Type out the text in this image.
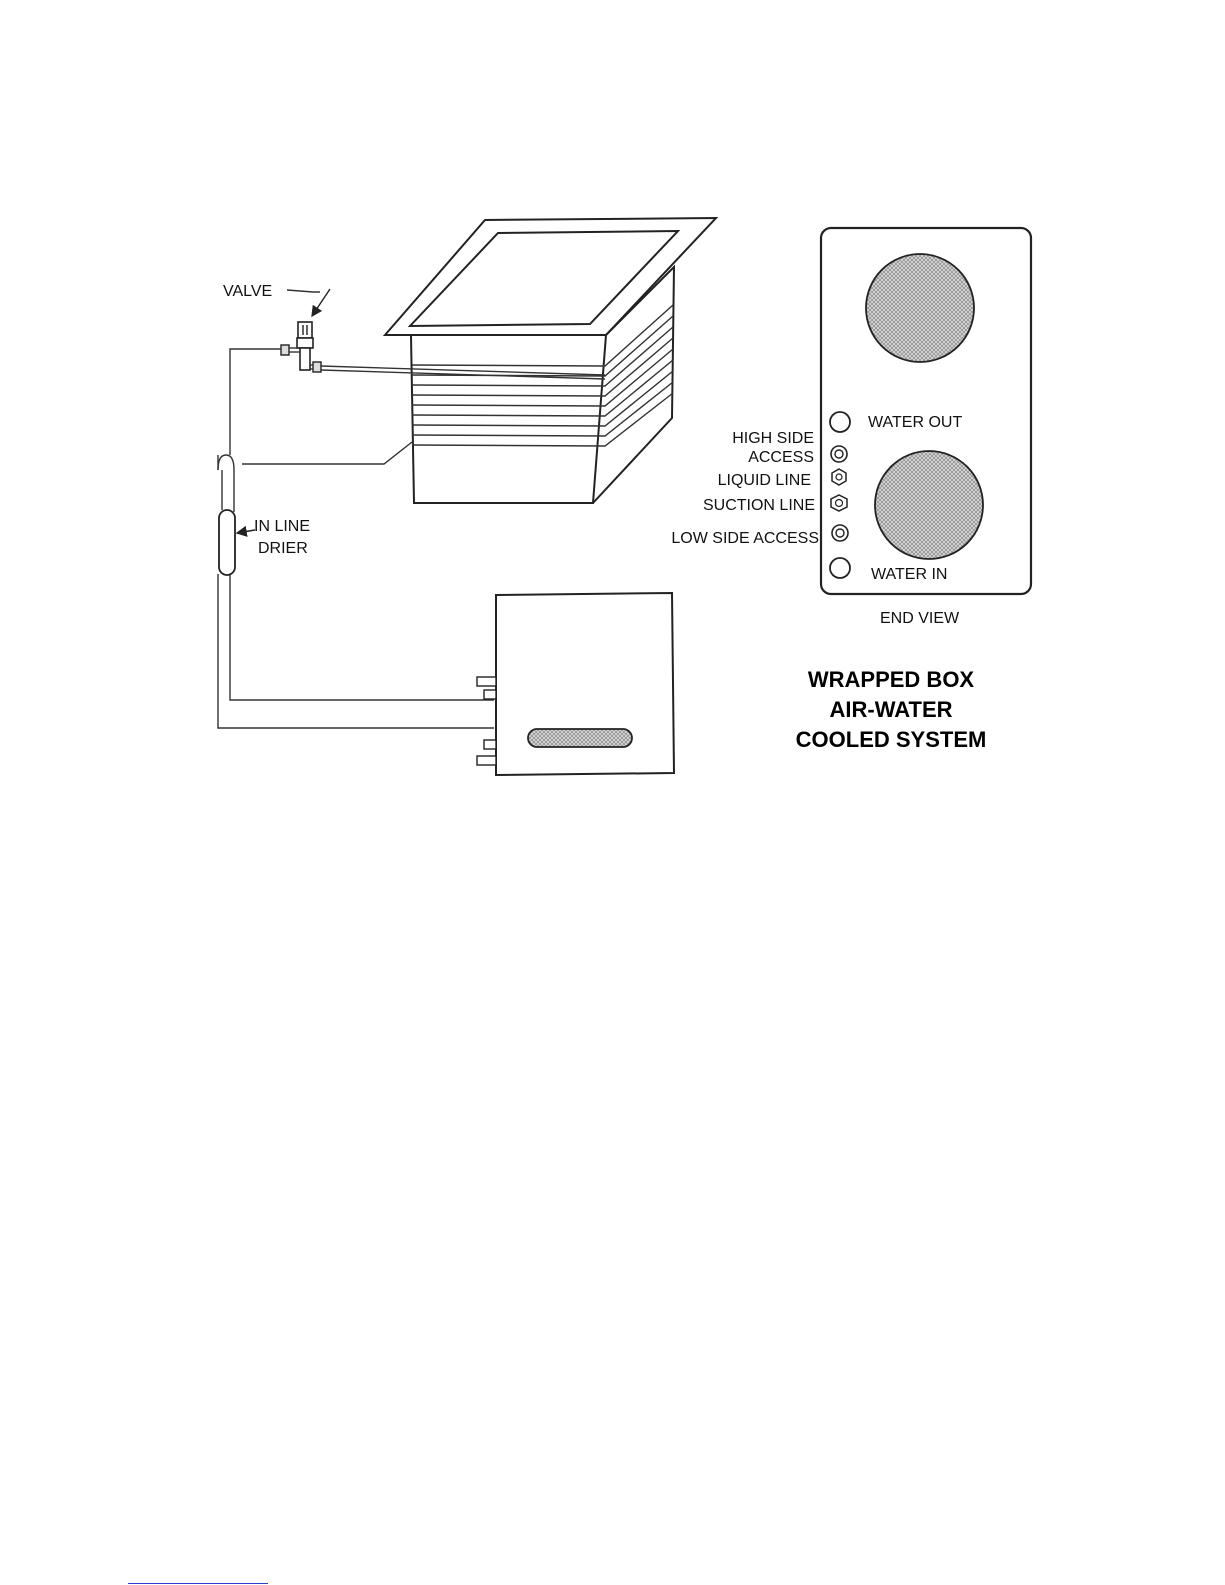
VALVE
IN LINE
DRIER
WATER OUT
HIGH SIDE
ACCESS
LIQUID LINE
SUCTION LINE
LOW SIDE ACCESS
WATER IN
END VIEW
WRAPPED BOX
AIR-WATER
COOLED SYSTEM
